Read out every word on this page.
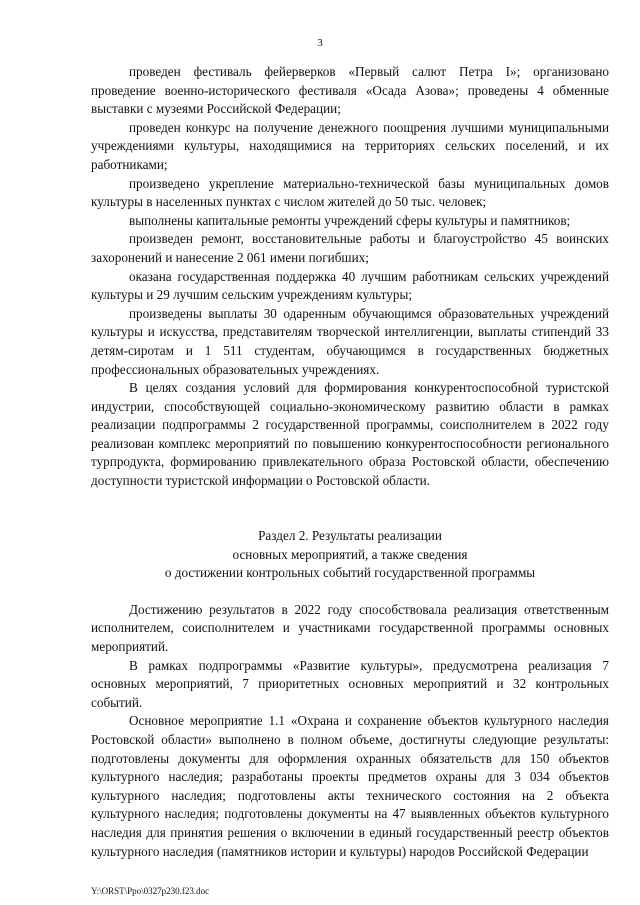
3

проведен фестиваль фейерверков «Первый салют Петра I»; организовано проведение военно-исторического фестиваля «Осада Азова»; проведены 4 обменные выставки с музеями Российской Федерации;

проведен конкурс на получение денежного поощрения лучшими муниципальными учреждениями культуры, находящимися на территориях сельских поселений, и их работниками;

произведено укрепление материально-технической базы муниципальных домов культуры в населенных пунктах с числом жителей до 50 тыс. человек;

выполнены капитальные ремонты учреждений сферы культуры и памятников;

произведен ремонт, восстановительные работы и благоустройство 45 воинских захоронений и нанесение 2 061 имени погибших;

оказана государственная поддержка 40 лучшим работникам сельских учреждений культуры и 29 лучшим сельским учреждениям культуры;

произведены выплаты 30 одаренным обучающимся образовательных учреждений культуры и искусства, представителям творческой интеллигенции, выплаты стипендий 33 детям-сиротам и 1 511 студентам, обучающимся в государственных бюджетных профессиональных образовательных учреждениях.

В целях создания условий для формирования конкурентоспособной туристской индустрии, способствующей социально-экономическому развитию области в рамках реализации подпрограммы 2 государственной программы, соисполнителем в 2022 году реализован комплекс мероприятий по повышению конкурентоспособности регионального турпродукта, формированию привлекательного образа Ростовской области, обеспечению доступности туристской информации о Ростовской области.

Раздел 2. Результаты реализации
основных мероприятий, а также сведения
о достижении контрольных событий государственной программы

Достижению результатов в 2022 году способствовала реализация ответственным исполнителем, соисполнителем и участниками государственной программы основных мероприятий.

В рамках подпрограммы «Развитие культуры», предусмотрена реализация 7 основных мероприятий, 7 приоритетных основных мероприятий и 32 контрольных событий.

Основное мероприятие 1.1 «Охрана и сохранение объектов культурного наследия Ростовской области» выполнено в полном объеме, достигнуты следующие результаты: подготовлены документы для оформления охранных обязательств для 150 объектов культурного наследия; разработаны проекты предметов охраны для 3 034 объектов культурного наследия; подготовлены акты технического состояния на 2 объекта культурного наследия; подготовлены документы на 47 выявленных объектов культурного наследия для принятия решения о включении в единый государственный реестр объектов культурного наследия (памятников истории и культуры) народов Российской Федерации

Y:\ORST\Ppo\0327p230.f23.doc
